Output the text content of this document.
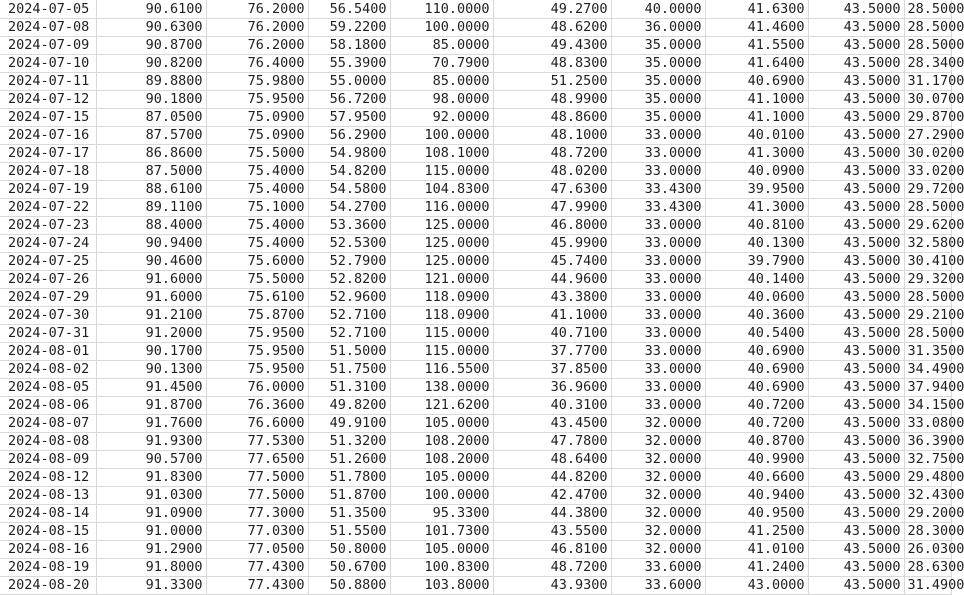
2024-07-05	90.6100	76.2000	56.5400	110.0000	49.2700	40.0000	41.6300	43.5000	28.5000
2024-07-08	90.6300	76.2000	59.2200	100.0000	48.6200	36.0000	41.4600	43.5000	28.5000
2024-07-09	90.8700	76.2000	58.1800	85.0000	49.4300	35.0000	41.5500	43.5000	28.5000
2024-07-10	90.8200	76.4000	55.3900	70.7900	48.8300	35.0000	41.6400	43.5000	28.3400
2024-07-11	89.8800	75.9800	55.0000	85.0000	51.2500	35.0000	40.6900	43.5000	31.1700
2024-07-12	90.1800	75.9500	56.7200	98.0000	48.9900	35.0000	41.1000	43.5000	30.0700
2024-07-15	87.0500	75.0900	57.9500	92.0000	48.8600	35.0000	41.1000	43.5000	29.8700
2024-07-16	87.5700	75.0900	56.2900	100.0000	48.1000	33.0000	40.0100	43.5000	27.2900
2024-07-17	86.8600	75.5000	54.9800	108.1000	48.7200	33.0000	41.3000	43.5000	30.0200
2024-07-18	87.5000	75.4000	54.8200	115.0000	48.0200	33.0000	40.0900	43.5000	33.0200
2024-07-19	88.6100	75.4000	54.5800	104.8300	47.6300	33.4300	39.9500	43.5000	29.7200
2024-07-22	89.1100	75.1000	54.2700	116.0000	47.9900	33.4300	41.3000	43.5000	28.5000
2024-07-23	88.4000	75.4000	53.3600	125.0000	46.8000	33.0000	40.8100	43.5000	29.6200
2024-07-24	90.9400	75.4000	52.5300	125.0000	45.9900	33.0000	40.1300	43.5000	32.5800
2024-07-25	90.4600	75.6000	52.7900	125.0000	45.7400	33.0000	39.7900	43.5000	30.4100
2024-07-26	91.6000	75.5000	52.8200	121.0000	44.9600	33.0000	40.1400	43.5000	29.3200
2024-07-29	91.6000	75.6100	52.9600	118.0900	43.3800	33.0000	40.0600	43.5000	28.5000
2024-07-30	91.2100	75.8700	52.7100	118.0900	41.1000	33.0000	40.3600	43.5000	29.2100
2024-07-31	91.2000	75.9500	52.7100	115.0000	40.7100	33.0000	40.5400	43.5000	28.5000
2024-08-01	90.1700	75.9500	51.5000	115.0000	37.7700	33.0000	40.6900	43.5000	31.3500
2024-08-02	90.1300	75.9500	51.7500	116.5500	37.8500	33.0000	40.6900	43.5000	34.4900
2024-08-05	91.4500	76.0000	51.3100	138.0000	36.9600	33.0000	40.6900	43.5000	37.9400
2024-08-06	91.8700	76.3600	49.8200	121.6200	40.3100	33.0000	40.7200	43.5000	34.1500
2024-08-07	91.7600	76.6000	49.9100	105.0000	43.4500	32.0000	40.7200	43.5000	33.0800
2024-08-08	91.9300	77.5300	51.3200	108.2000	47.7800	32.0000	40.8700	43.5000	36.3900
2024-08-09	90.5700	77.6500	51.2600	108.2000	48.6400	32.0000	40.9900	43.5000	32.7500
2024-08-12	91.8300	77.5000	51.7800	105.0000	44.8200	32.0000	40.6600	43.5000	29.4800
2024-08-13	91.0300	77.5000	51.8700	100.0000	42.4700	32.0000	40.9400	43.5000	32.4300
2024-08-14	91.0900	77.3000	51.3500	95.3300	44.3800	32.0000	40.9500	43.5000	29.2000
2024-08-15	91.0000	77.0300	51.5500	101.7300	43.5500	32.0000	41.2500	43.5000	28.3000
2024-08-16	91.2900	77.0500	50.8000	105.0000	46.8100	32.0000	41.0100	43.5000	26.0300
2024-08-19	91.8000	77.4300	50.6700	100.8300	48.7200	33.6000	41.2400	43.5000	28.6300
2024-08-20	91.3300	77.4300	50.8800	103.8000	43.9300	33.6000	43.0000	43.5000	31.4900
